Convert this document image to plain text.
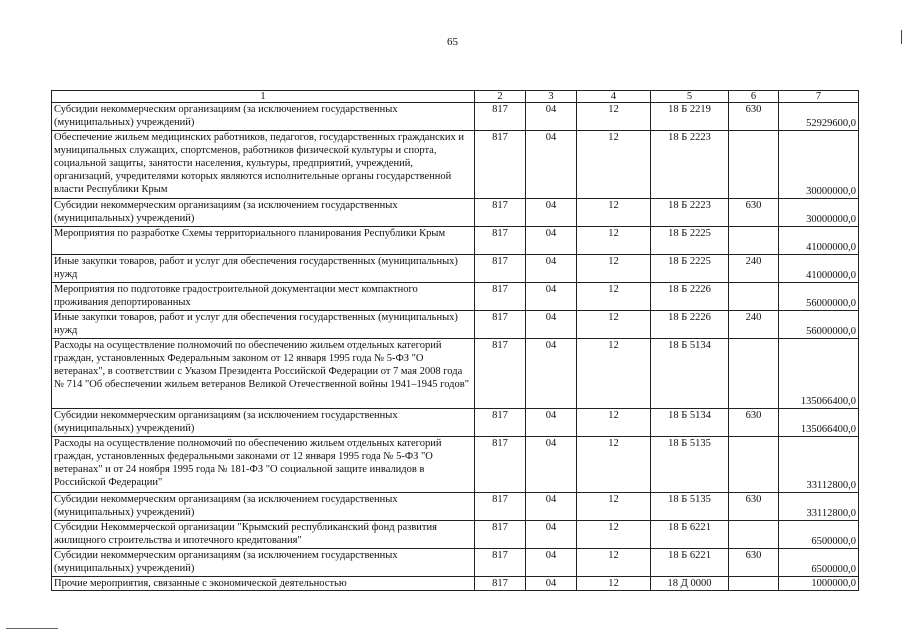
65
1	2	3	4	5	6	7
Субсидии некоммерческим организациям (за исключением государственных (муниципальных) учреждений)	817	04	12	18 Б 2219	630	52929600,0
Обеспечение жильем медицинских работников, педагогов, государственных гражданских и муниципальных служащих, спортсменов, работников физической культуры и спорта, социальной защиты, занятости населения, культуры, предприятий, учреждений, организаций, учредителями которых являются исполнительные органы государственной власти Республики Крым	817	04	12	18 Б 2223		30000000,0
Субсидии некоммерческим организациям (за исключением государственных (муниципальных) учреждений)	817	04	12	18 Б 2223	630	30000000,0
Мероприятия по разработке Схемы территориального планирования Республики Крым	817	04	12	18 Б 2225		41000000,0
Иные закупки товаров, работ и услуг для обеспечения государственных (муниципальных) нужд	817	04	12	18 Б 2225	240	41000000,0
Мероприятия по подготовке градостроительной документации мест компактного проживания депортированных	817	04	12	18 Б 2226		56000000,0
Иные закупки товаров, работ и услуг для обеспечения государственных (муниципальных) нужд	817	04	12	18 Б 2226	240	56000000,0
Расходы на осуществление полномочий по обеспечению жильем отдельных категорий граждан, установленных Федеральным законом от 12 января 1995 года № 5-ФЗ "О ветеранах", в соответствии с Указом Президента Российской Федерации от 7 мая 2008 года № 714 "Об обеспечении жильем ветеранов Великой Отечественной войны 1941–1945 годов"	817	04	12	18 Б 5134		135066400,0
Субсидии некоммерческим организациям (за исключением государственных (муниципальных) учреждений)	817	04	12	18 Б 5134	630	135066400,0
Расходы на осуществление полномочий по обеспечению жильем отдельных категорий граждан, установленных федеральными законами от 12 января 1995 года № 5-ФЗ "О ветеранах" и от 24 ноября 1995 года № 181-ФЗ "О социальной защите инвалидов в Российской Федерации"	817	04	12	18 Б 5135		33112800,0
Субсидии некоммерческим организациям (за исключением государственных (муниципальных) учреждений)	817	04	12	18 Б 5135	630	33112800,0
Субсидии Некоммерческой организации "Крымский республиканский фонд развития жилищного строительства и ипотечного кредитования"	817	04	12	18 Б 6221		6500000,0
Субсидии некоммерческим организациям (за исключением государственных (муниципальных) учреждений)	817	04	12	18 Б 6221	630	6500000,0
Прочие мероприятия, связанные с экономической деятельностью	817	04	12	18 Д 0000		1000000,0
